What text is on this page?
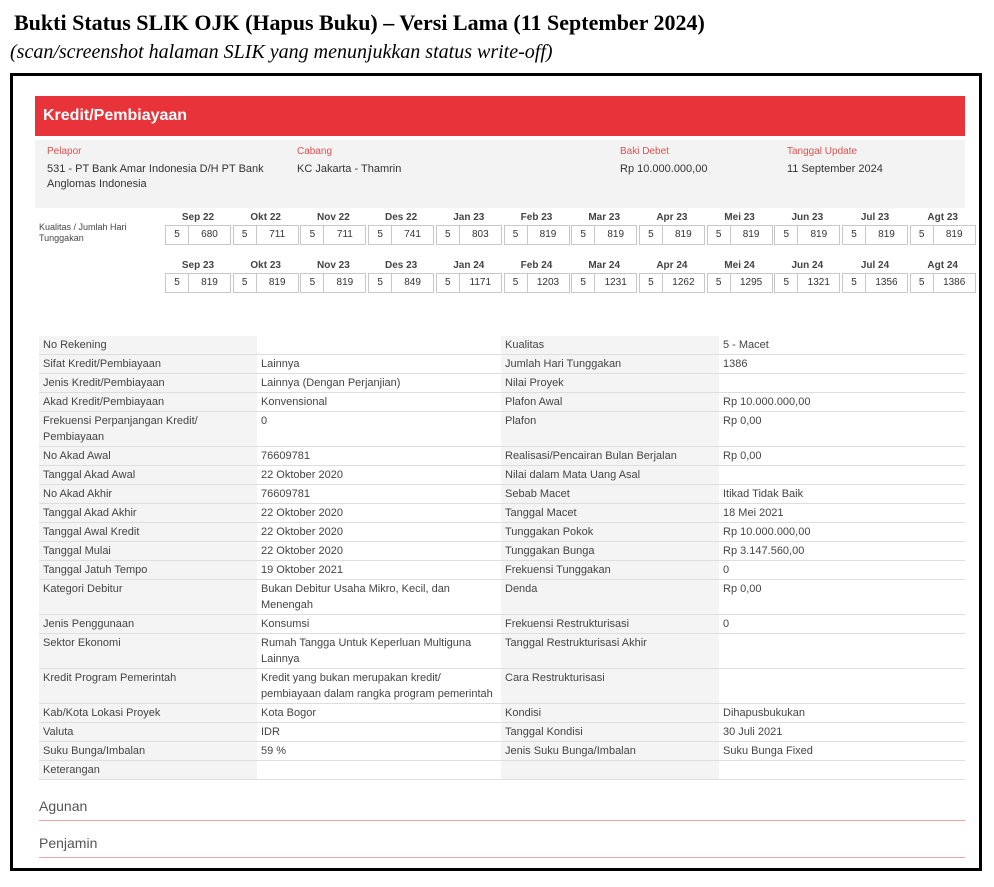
Bukti Status SLIK OJK (Hapus Buku) – Versi Lama (11 September 2024)
(scan/screenshot halaman SLIK yang menunjukkan status write-off)
Kredit/Pembiayaan
Pelapor
531 - PT Bank Amar Indonesia D/H PT Bank
Anglomas Indonesia
Cabang
KC Jakarta - Thamrin
Baki Debet
Rp 10.000.000,00
Tanggal Update
11 September 2024
Kualitas / Jumlah Hari Tunggakan
Sep 22
5	680
Okt 22
5	711
Nov 22
5	711
Des 22
5	741
Jan 23
5	803
Feb 23
5	819
Mar 23
5	819
Apr 23
5	819
Mei 23
5	819
Jun 23
5	819
Jul 23
5	819
Agt 23
5	819
Sep 23
5	819
Okt 23
5	819
Nov 23
5	819
Des 23
5	849
Jan 24
5	1171
Feb 24
5	1203
Mar 24
5	1231
Apr 24
5	1262
Mei 24
5	1295
Jun 24
5	1321
Jul 24
5	1356
Agt 24
5	1386
No Rekening		Kualitas	5 - Macet
Sifat Kredit/Pembiayaan	Lainnya	Jumlah Hari Tunggakan	1386
Jenis Kredit/Pembiayaan	Lainnya (Dengan Perjanjian)	Nilai Proyek	
Akad Kredit/Pembiayaan	Konvensional	Plafon Awal	Rp 10.000.000,00
Frekuensi Perpanjangan Kredit/ Pembiayaan	0	Plafon	Rp 0,00
No Akad Awal	76609781	Realisasi/Pencairan Bulan Berjalan	Rp 0,00
Tanggal Akad Awal	22 Oktober 2020	Nilai dalam Mata Uang Asal	
No Akad Akhir	76609781	Sebab Macet	Itikad Tidak Baik
Tanggal Akad Akhir	22 Oktober 2020	Tanggal Macet	18 Mei 2021
Tanggal Awal Kredit	22 Oktober 2020	Tunggakan Pokok	Rp 10.000.000,00
Tanggal Mulai	22 Oktober 2020	Tunggakan Bunga	Rp 3.147.560,00
Tanggal Jatuh Tempo	19 Oktober 2021	Frekuensi Tunggakan	0
Kategori Debitur	Bukan Debitur Usaha Mikro, Kecil, dan Menengah	Denda	Rp 0,00
Jenis Penggunaan	Konsumsi	Frekuensi Restrukturisasi	0
Sektor Ekonomi	Rumah Tangga Untuk Keperluan Multiguna Lainnya	Tanggal Restrukturisasi Akhir	
Kredit Program Pemerintah	Kredit yang bukan merupakan kredit/ pembiayaan dalam rangka program pemerintah	Cara Restrukturisasi	
Kab/Kota Lokasi Proyek	Kota Bogor	Kondisi	Dihapusbukukan
Valuta	IDR	Tanggal Kondisi	30 Juli 2021
Suku Bunga/Imbalan	59 %	Jenis Suku Bunga/Imbalan	Suku Bunga Fixed
Keterangan			
Agunan
Penjamin
